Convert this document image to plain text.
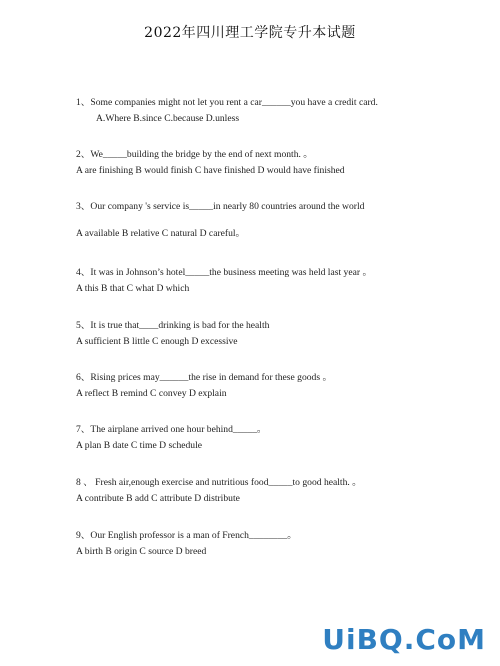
2022年四川理工学院专升本试题
1、Some companies might not let you rent a car______you have a credit card.
A.Where B.since C.because D.unless
2、We_____building the bridge by the end of next month. 。
A are finishing B would finish C have finished D would have finished
3、Our company 's service is_____in nearly 80 countries around the world
A available B relative C natural D careful。
4、It was in Johnson’s hotel_____the business meeting was held last year 。
A this B that C what D which
5、It is true that____drinking is bad for the health
A sufficient B little C enough D excessive
6、Rising prices may______the rise in demand for these goods 。
A reflect B remind C convey D explain
7、The airplane arrived one hour behind_____。
A plan B date C time D schedule
8 、 Fresh air,enough exercise and nutritious food_____to good health. 。
A contribute B add C attribute D distribute
9、Our English professor is a man of French________。
A birth B origin C source D breed
UiBQ.CoM
